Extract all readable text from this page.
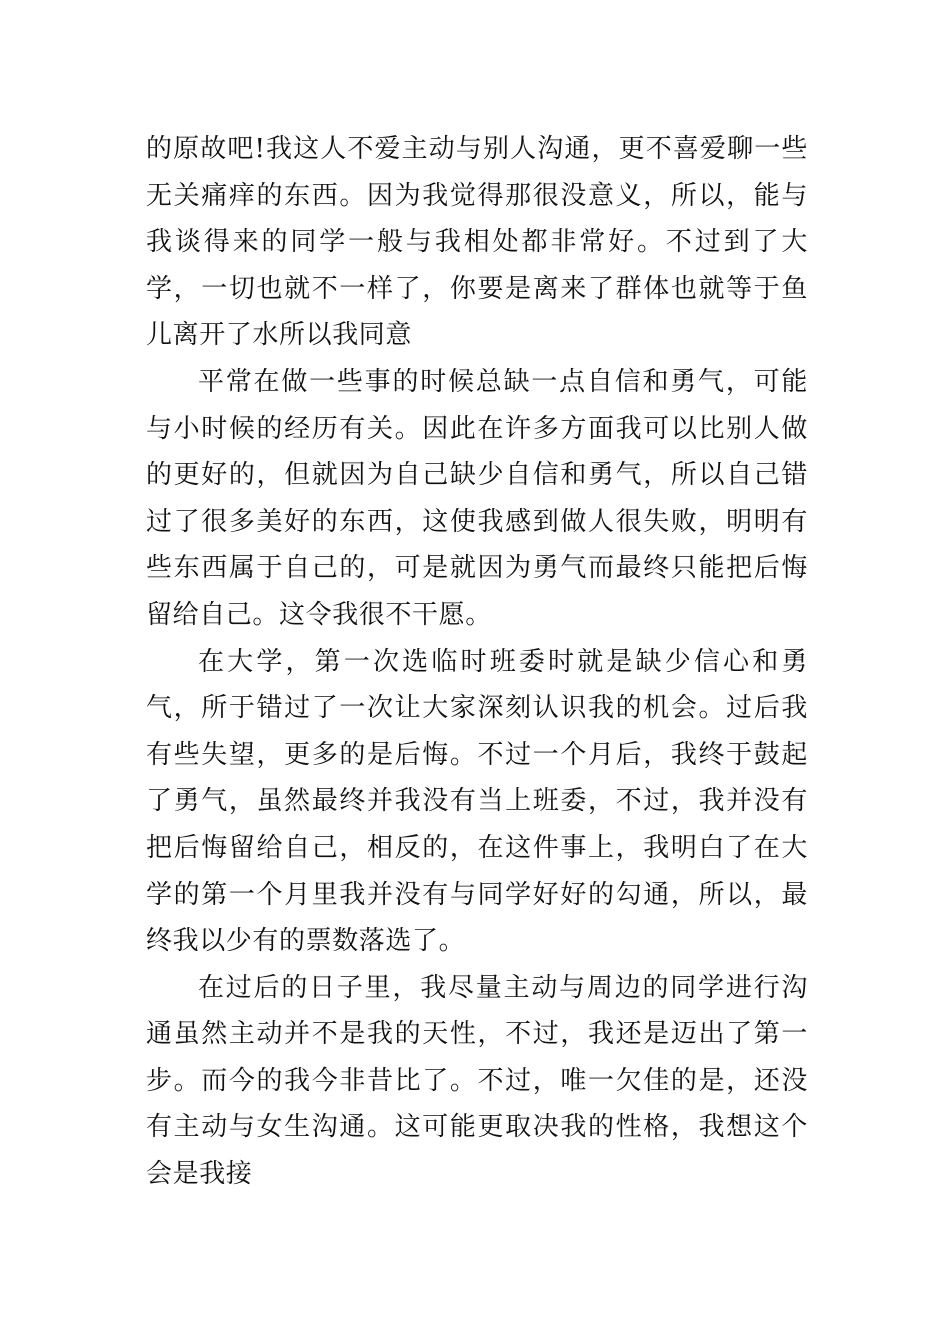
的原故吧!我这人不爱主动与别人沟通，更不喜爱聊一些无关痛痒的东西。因为我觉得那很没意义，所以，能与我谈得来的同学一般与我相处都非常好。不过到了大学，一切也就不一样了，你要是离来了群体也就等于鱼儿离开了水所以我同意

平常在做一些事的时候总缺一点自信和勇气，可能与小时候的经历有关。因此在许多方面我可以比别人做的更好的，但就因为自己缺少自信和勇气，所以自己错过了很多美好的东西，这使我感到做人很失败，明明有些东西属于自己的，可是就因为勇气而最终只能把后悔留给自己。这令我很不干愿。

在大学，第一次选临时班委时就是缺少信心和勇气，所于错过了一次让大家深刻认识我的机会。过后我有些失望，更多的是后悔。不过一个月后，我终于鼓起了勇气，虽然最终并我没有当上班委，不过，我并没有把后悔留给自己，相反的，在这件事上，我明白了在大学的第一个月里我并没有与同学好好的勾通，所以，最终我以少有的票数落选了。

在过后的日子里，我尽量主动与周边的同学进行沟通虽然主动并不是我的天性，不过，我还是迈出了第一步。而今的我今非昔比了。不过，唯一欠佳的是，还没有主动与女生沟通。这可能更取决我的性格，我想这个会是我接
